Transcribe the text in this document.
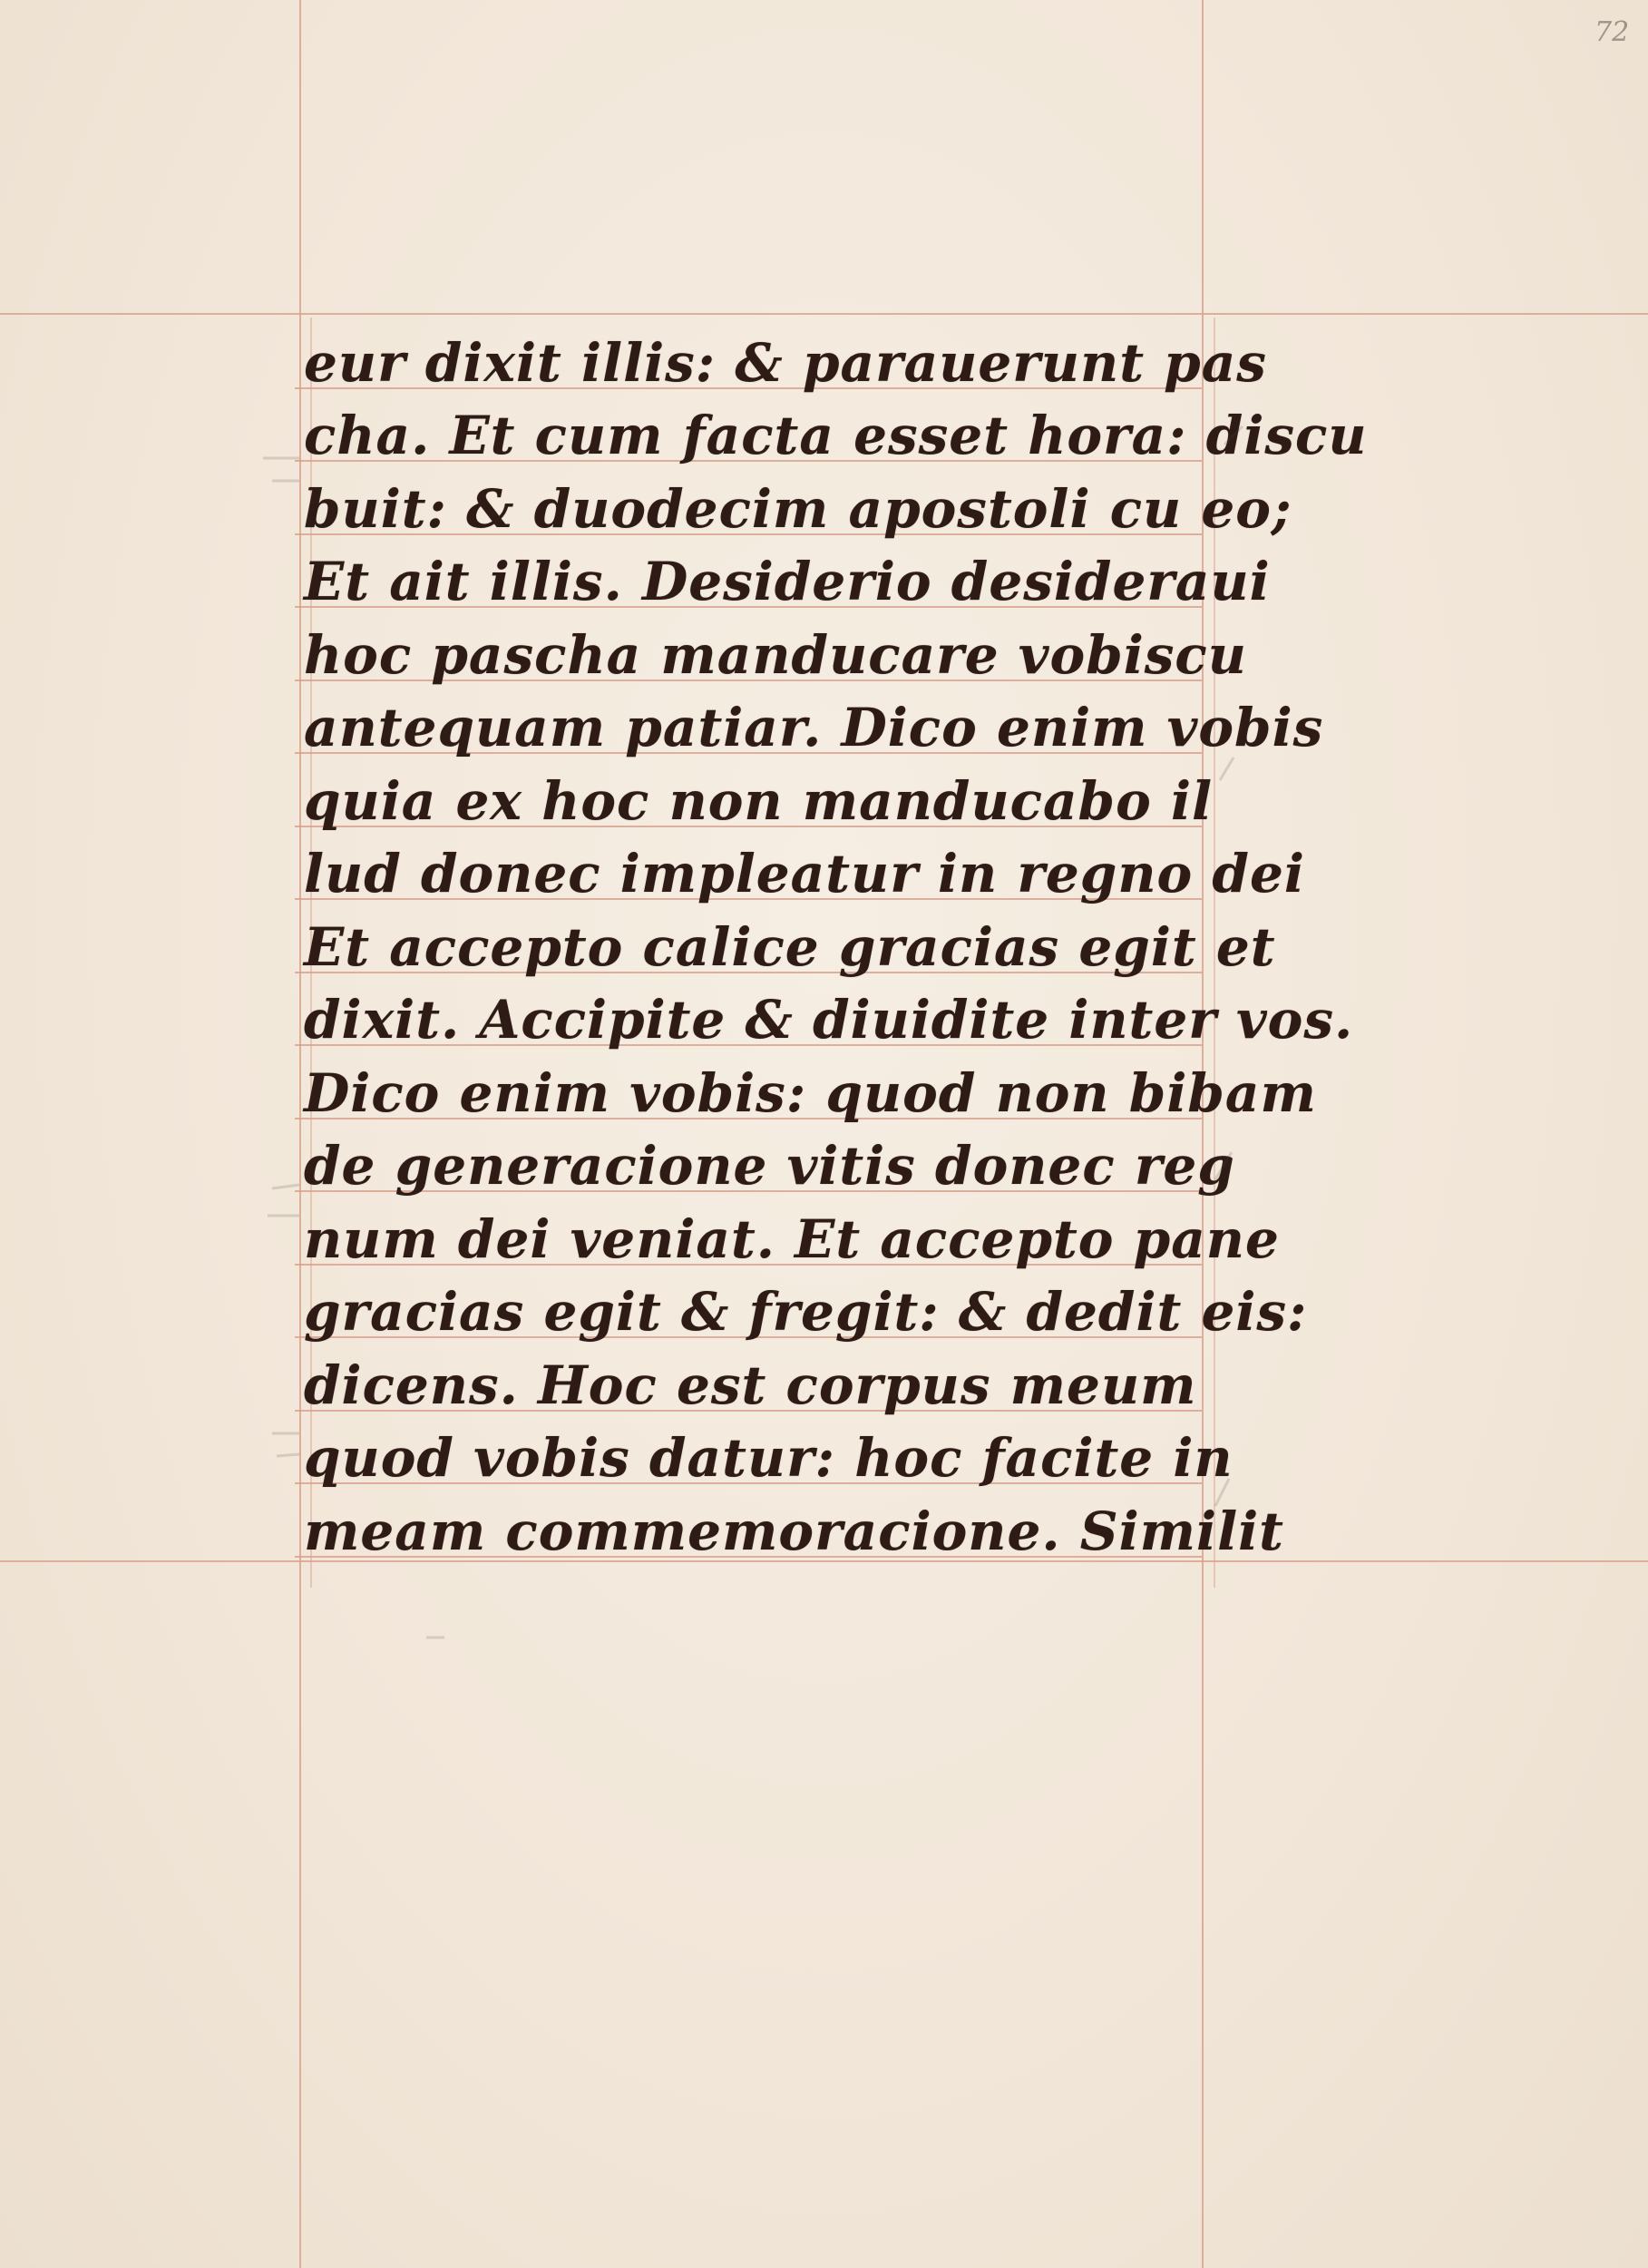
72
eur dixit illis: & parauerunt pas
cha. Et cum facta esset hora: discu
buit: & duodecim apostoli cu eo;
Et ait illis. Desiderio desideraui
hoc pascha manducare vobiscu
antequam patiar. Dico enim vobis
quia ex hoc non manducabo il
lud donec impleatur in regno dei
Et accepto calice gracias egit et
dixit. Accipite & diuidite inter vos.
Dico enim vobis: quod non bibam
de generacione vitis donec reg
num dei veniat. Et accepto pane
gracias egit & fregit: & dedit eis:
dicens. Hoc est corpus meum
quod vobis datur: hoc facite in
meam commemoracione. Similit
